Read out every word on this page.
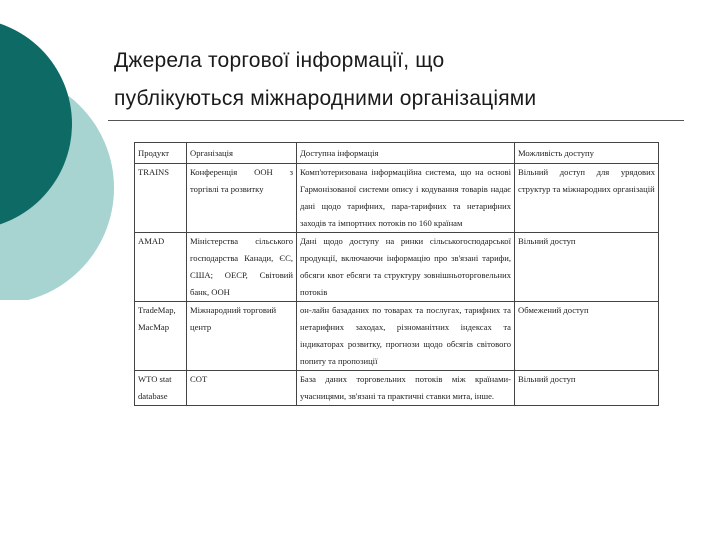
Джерела торгової інформації, що
публікуються міжнародними організаціями
Продукт	Організація	Доступна інформація	Можливість доступу
TRAINS	Конференція ООН з торгівлі та розвитку	Комп'ютеризована інформаційна система, що на основі Гармонізованої системи опису і кодування товарів надає дані щодо тарифних, пара-тарифних та нетарифних заходів та імпортних потоків по 160 країнам	Вільний доступ для урядових структур та міжнародних організацій
AMAD	Міністерства сільського господарства Канади, ЄС, США; ОЕСР, Світовий банк, ООН	Дані щодо доступу на ринки сільськогосподарської продукції, включаючи інформацію про зв'язані тарифи, обсяги квот ебсяги та структуру зовнішньоторговельних потоків	Вільний доступ
TradeMap, MacMap	Міжнародний торговий центр	он-лайн базаданих по товарах та послугах, тарифних та нетарифних заходах, різноманітних індексах та індикаторах розвитку, прогнози щодо обсягів світового попиту та пропозиції	Обмежений доступ
WTO stat database	СОТ	База даних торговельних потоків між країнами-учасницями, зв'язані та практичні ставки мита, інше.	Вільний доступ
